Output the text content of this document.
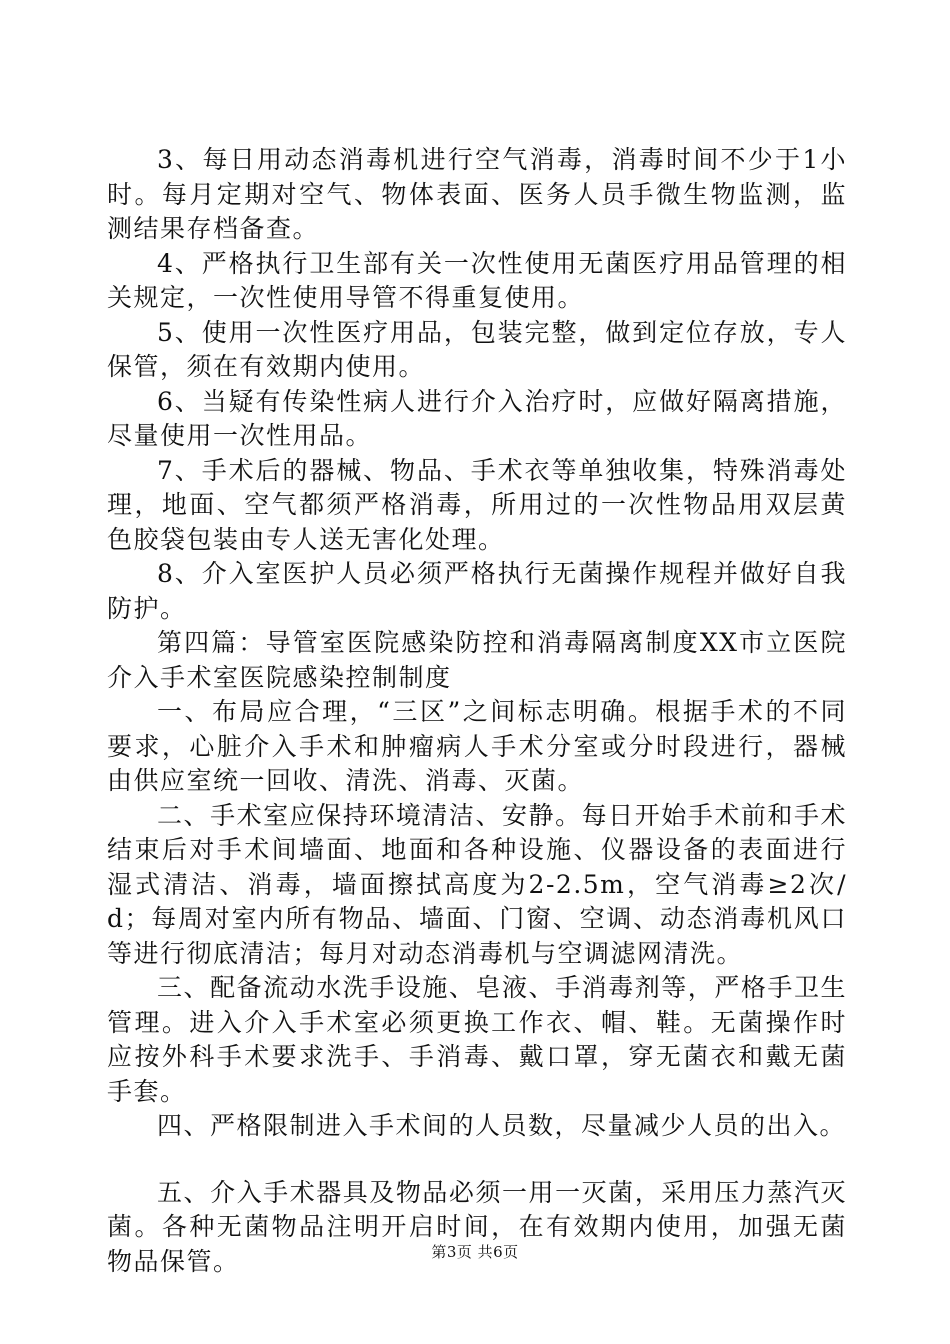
3、每日用动态消毒机进行空气消毒，消毒时间不少于1小时。每月定期对空气、物体表面、医务人员手微生物监测，监测结果存档备查。

4、严格执行卫生部有关一次性使用无菌医疗用品管理的相关规定，一次性使用导管不得重复使用。

5、使用一次性医疗用品，包装完整，做到定位存放，专人保管，须在有效期内使用。

6、当疑有传染性病人进行介入治疗时，应做好隔离措施，尽量使用一次性用品。

7、手术后的器械、物品、手术衣等单独收集，特殊消毒处理，地面、空气都须严格消毒，所用过的一次性物品用双层黄色胶袋包装由专人送无害化处理。

8、介入室医护人员必须严格执行无菌操作规程并做好自我防护。

第四篇：导管室医院感染防控和消毒隔离制度XX市立医院介入手术室医院感染控制制度

一、布局应合理，“三区”之间标志明确。根据手术的不同要求，心脏介入手术和肿瘤病人手术分室或分时段进行，器械由供应室统一回收、清洗、消毒、灭菌。

二、手术室应保持环境清洁、安静。每日开始手术前和手术结束后对手术间墙面、地面和各种设施、仪器设备的表面进行湿式清洁、消毒，墙面擦拭高度为2-2.5m，空气消毒≥2次/d；每周对室内所有物品、墙面、门窗、空调、动态消毒机风口等进行彻底清洁；每月对动态消毒机与空调滤网清洗。

三、配备流动水洗手设施、皂液、手消毒剂等，严格手卫生管理。进入介入手术室必须更换工作衣、帽、鞋。无菌操作时应按外科手术要求洗手、手消毒、戴口罩，穿无菌衣和戴无菌手套。

四、严格限制进入手术间的人员数，尽量减少人员的出入。

五、介入手术器具及物品必须一用一灭菌，采用压力蒸汽灭菌。各种无菌物品注明开启时间，在有效期内使用，加强无菌物品保管。	第3页 共6页
